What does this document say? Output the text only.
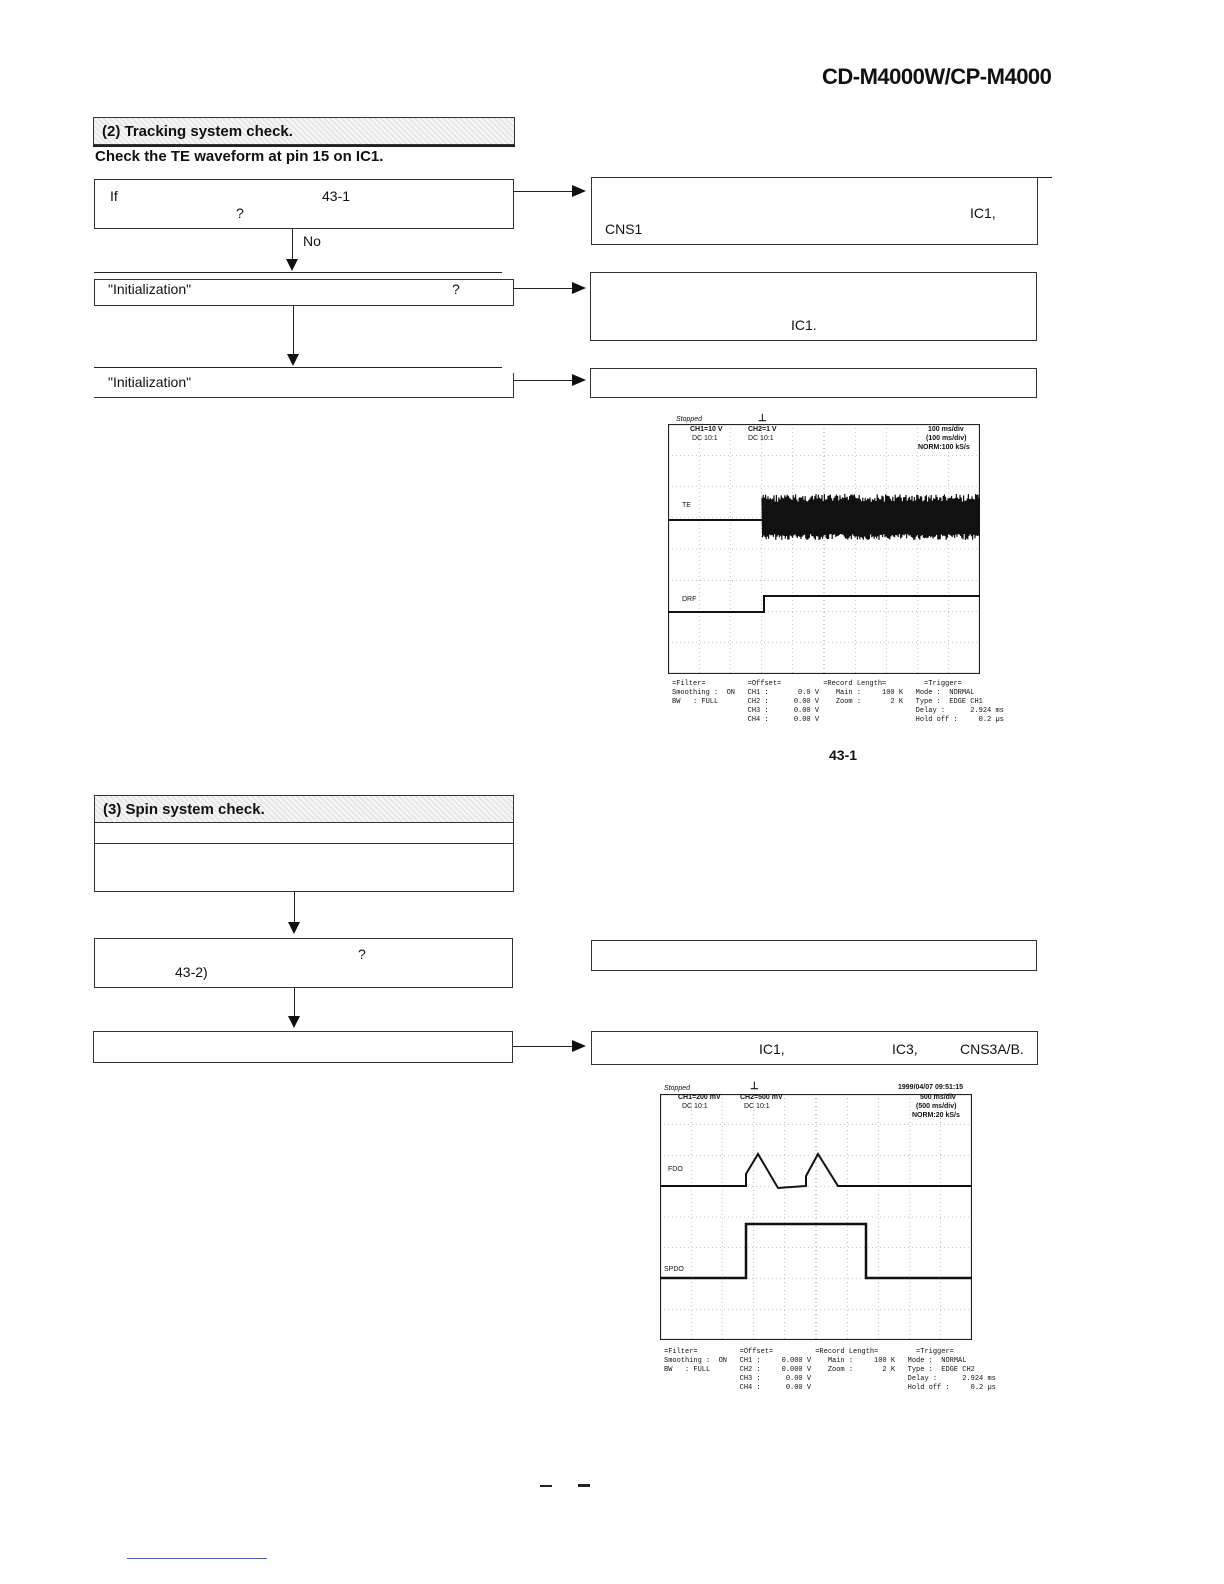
CD-M4000W/CP-M4000
(2) Tracking system check.
Check the TE waveform at pin 15 on IC1.
If	43-1
?
No
IC1,
CNS1
"Initialization"	?
IC1.
"Initialization"
Stopped	⊥
CH1=10 V
DC 10:1
CH2=1 V
DC 10:1
100 ms/div
(100 ms/div)
NORM:100 kS/s
TE
DRF
=Filter=          =Offset=          =Record Length=         =Trigger=
Smoothing :  ON   CH1 :       0.0 V    Main :     100 K   Mode :  NORMAL
BW   : FULL       CH2 :      0.00 V    Zoom :       2 K   Type :  EDGE CH1
CH3 :      0.00 V                       Delay :      2.924 ms
CH4 :      0.00 V                       Hold off :     0.2 µs
43-1
(3) Spin system check.
?
43-2)
IC1,	IC3,	CNS3A/B.
Stopped	⊥	1999/04/07 09:51:15
CH1=200 mV
DC 10:1
CH2=500 mV
DC 10:1
500 ms/div
(500 ms/div)
NORM:20 kS/s
FDO
SPDO
=Filter=          =Offset=          =Record Length=         =Trigger=
Smoothing :  ON   CH1 :     0.000 V    Main :     100 K   Mode :  NORMAL
BW   : FULL       CH2 :     0.000 V    Zoom :       2 K   Type :  EDGE CH2
CH3 :      0.00 V                       Delay :      2.924 ms
CH4 :      0.00 V                       Hold off :     0.2 µs
